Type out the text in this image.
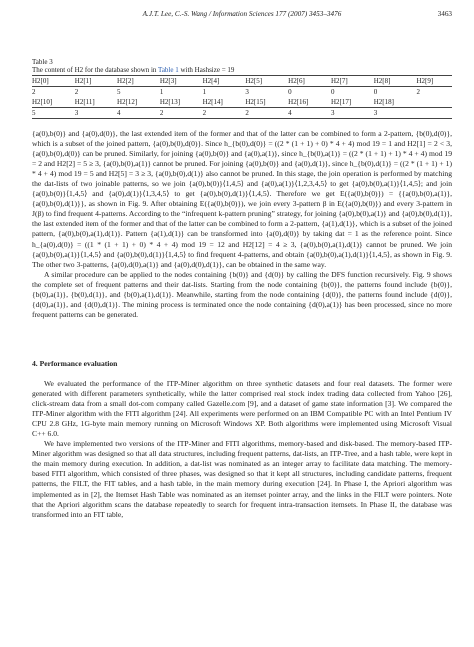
A.J.T. Lee, C.-S. Wang / Information Sciences 177 (2007) 3453–3476	3463
Table 3
The content of H2 for the database shown in Table 1 with Hashsize = 19
H2[0]	H2[1]	H2[2]	H2[3]	H2[4]	H2[5]	H2[6]	H2[7]	H2[8]	H2[9]
2	2	5	1	1	3	0	0	0	2
H2[10]	H2[11]	H2[12]	H2[13]	H2[14]	H2[15]	H2[16]	H2[17]	H2[18]	
5	3	4	2	2	2	4	3	3	

{a(0),b(0)} and {a(0),d(0)}, the last extended item of the former and that of the latter can be combined to form a 2-pattern, {b(0),d(0)}, which is a subset of the joined pattern, {a(0),b(0),d(0)}. Since h_{b(0),d(0)} = ((2 * (1 + 1) + 0) * 4 + 4) mod 19 = 1 and H2[1] = 2 < 3, {a(0),b(0),d(0)} can be pruned. Similarly, for joining {a(0),b(0)} and {a(0),a(1)}, since h_{b(0),a(1)} = ((2 * (1 + 1) + 1) * 4 + 4) mod 19 = 2 and H2[2] = 5 ≥ 3, {a(0),b(0),a(1)} cannot be pruned. For joining {a(0),b(0)} and {a(0),d(1)}, since h_{b(0),d(1)} = ((2 * (1 + 1) + 1) * 4 + 4) mod 19 = 5 and H2[5] = 3 ≥ 3, {a(0),b(0),d(1)} also cannot be pruned. In this stage, the join operation is performed by matching the dat-lists of two joinable patterns, so we join {a(0),b(0)}⟨1,4,5⟩ and {a(0),a(1)}⟨1,2,3,4,5⟩ to get {a(0),b(0),a(1)}⟨1,4,5⟩; and join {a(0),b(0)}⟨1,4,5⟩ and {a(0),d(1)}⟨1,3,4,5⟩ to get {a(0),b(0),d(1)}⟨1,4,5⟩. Therefore we get E({a(0),b(0)}) = {{a(0),b(0),a(1)},{a(0),b(0),d(1)}}, as shown in Fig. 9. After obtaining E({a(0),b(0)}), we join every 3-pattern β in E({a(0),b(0)}) and every 3-pattern in J(β) to find frequent 4-patterns. According to the “infrequent k-pattern pruning” strategy, for joining {a(0),b(0),a(1)} and {a(0),b(0),d(1)}, the last extended item of the former and that of the latter can be combined to form a 2-pattern, {a(1),d(1)}, which is a subset of the joined pattern, {a(0),b(0),a(1),d(1)}. Pattern {a(1),d(1)} can be transformed into {a(0),d(0)} by taking dat = 1 as the reference point. Since h_{a(0),d(0)} = ((1 * (1 + 1) + 0) * 4 + 4) mod 19 = 12 and H2[12] = 4 ≥ 3, {a(0),b(0),a(1),d(1)} cannot be pruned. We join {a(0),b(0),a(1)}⟨1,4,5⟩ and {a(0),b(0),d(1)}⟨1,4,5⟩ to find frequent 4-patterns, and obtain {a(0),b(0),a(1),d(1)}⟨1,4,5⟩, as shown in Fig. 9. The other two 3-patterns, {a(0),d(0),a(1)} and {a(0),d(0),d(1)}, can be obtained in the same way.

A similar procedure can be applied to the nodes containing {b(0)} and {d(0)} by calling the DFS function recursively. Fig. 9 shows the complete set of frequent patterns and their dat-lists. Starting from the node containing {b(0)}, the patterns found include {b(0)}, {b(0),a(1)}, {b(0),d(1)}, and {b(0),a(1),d(1)}. Meanwhile, starting from the node containing {d(0)}, the patterns found include {d(0)}, {d(0),a(1)}, and {d(0),d(1)}. The mining process is terminated once the node containing {d(0),a(1)} has been processed, since no more frequent patterns can be generated.

4. Performance evaluation

We evaluated the performance of the ITP-Miner algorithm on three synthetic datasets and four real datasets. The former were generated with different parameters synthetically, while the latter comprised real stock index trading data collected from Yahoo [26], click-stream data from a small dot-com company called Gazelle.com [9], and a dataset of game state information [3]. We compared the ITP-Miner algorithm with the FITI algorithm [24]. All experiments were performed on an IBM Compatible PC with an Intel Pentium IV CPU 2.8 GHz, 1G-byte main memory running on Microsoft Windows XP. Both algorithms were implemented using Microsoft Visual C++ 6.0.

We have implemented two versions of the ITP-Miner and FITI algorithms, memory-based and disk-based. The memory-based ITP-Miner algorithm was designed so that all data structures, including frequent patterns, dat-lists, an ITP-Tree, and a hash table, were kept in the main memory during execution. In addition, a dat-list was nominated as an integer array to facilitate data matching. The memory-based FITI algorithm, which consisted of three phases, was designed so that it kept all structures, including candidate patterns, frequent patterns, the FILT, the FIT tables, and a hash table, in the main memory during execution [24]. In Phase I, the Apriori algorithm was implemented as in [2], the Itemset Hash Table was nominated as an itemset pointer array, and the links in the FILT were pointers. Note that the Apriori algorithm scans the database repeatedly to search for frequent intra-transaction itemsets. In Phase II, the database was transformed into an FIT table,
